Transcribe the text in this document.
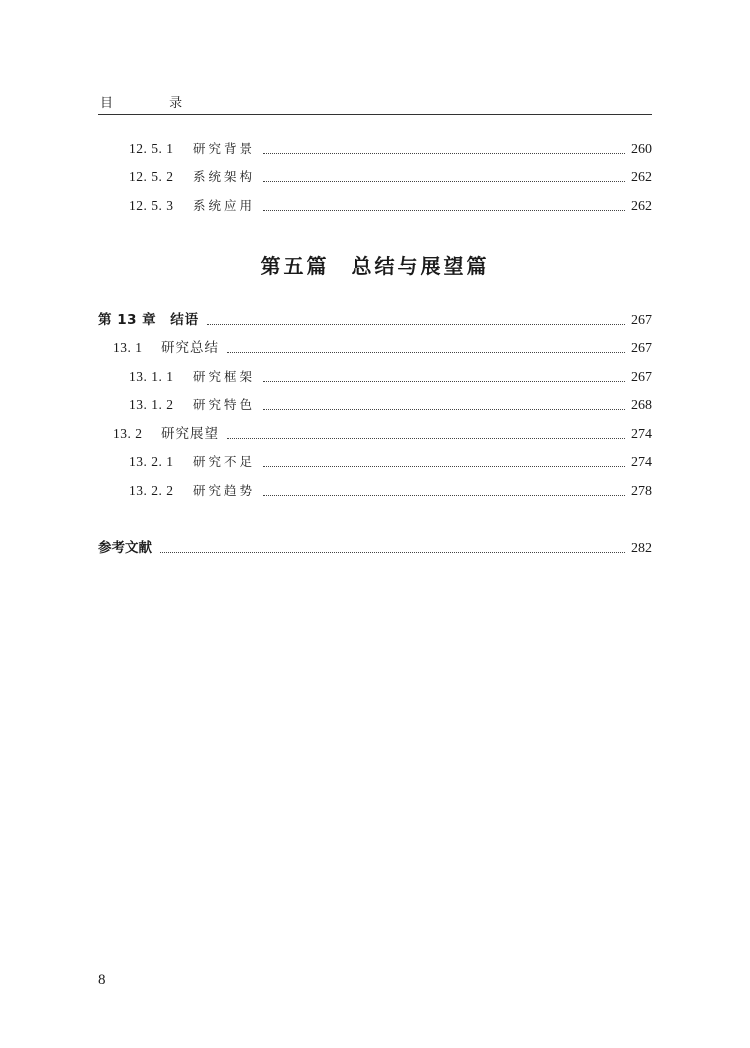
目 录
12. 5. 1	研究背景	260
12. 5. 2	系统架构	262
12. 5. 3	系统应用	262
第 13 章 结语	267
13. 1	研究总结	267
13. 1. 1	研究框架	267
13. 1. 2	研究特色	268
13. 2	研究展望	274
13. 2. 1	研究不足	274
13. 2. 2	研究趋势	278
参考文献	282
第五篇 总结与展望篇
8
